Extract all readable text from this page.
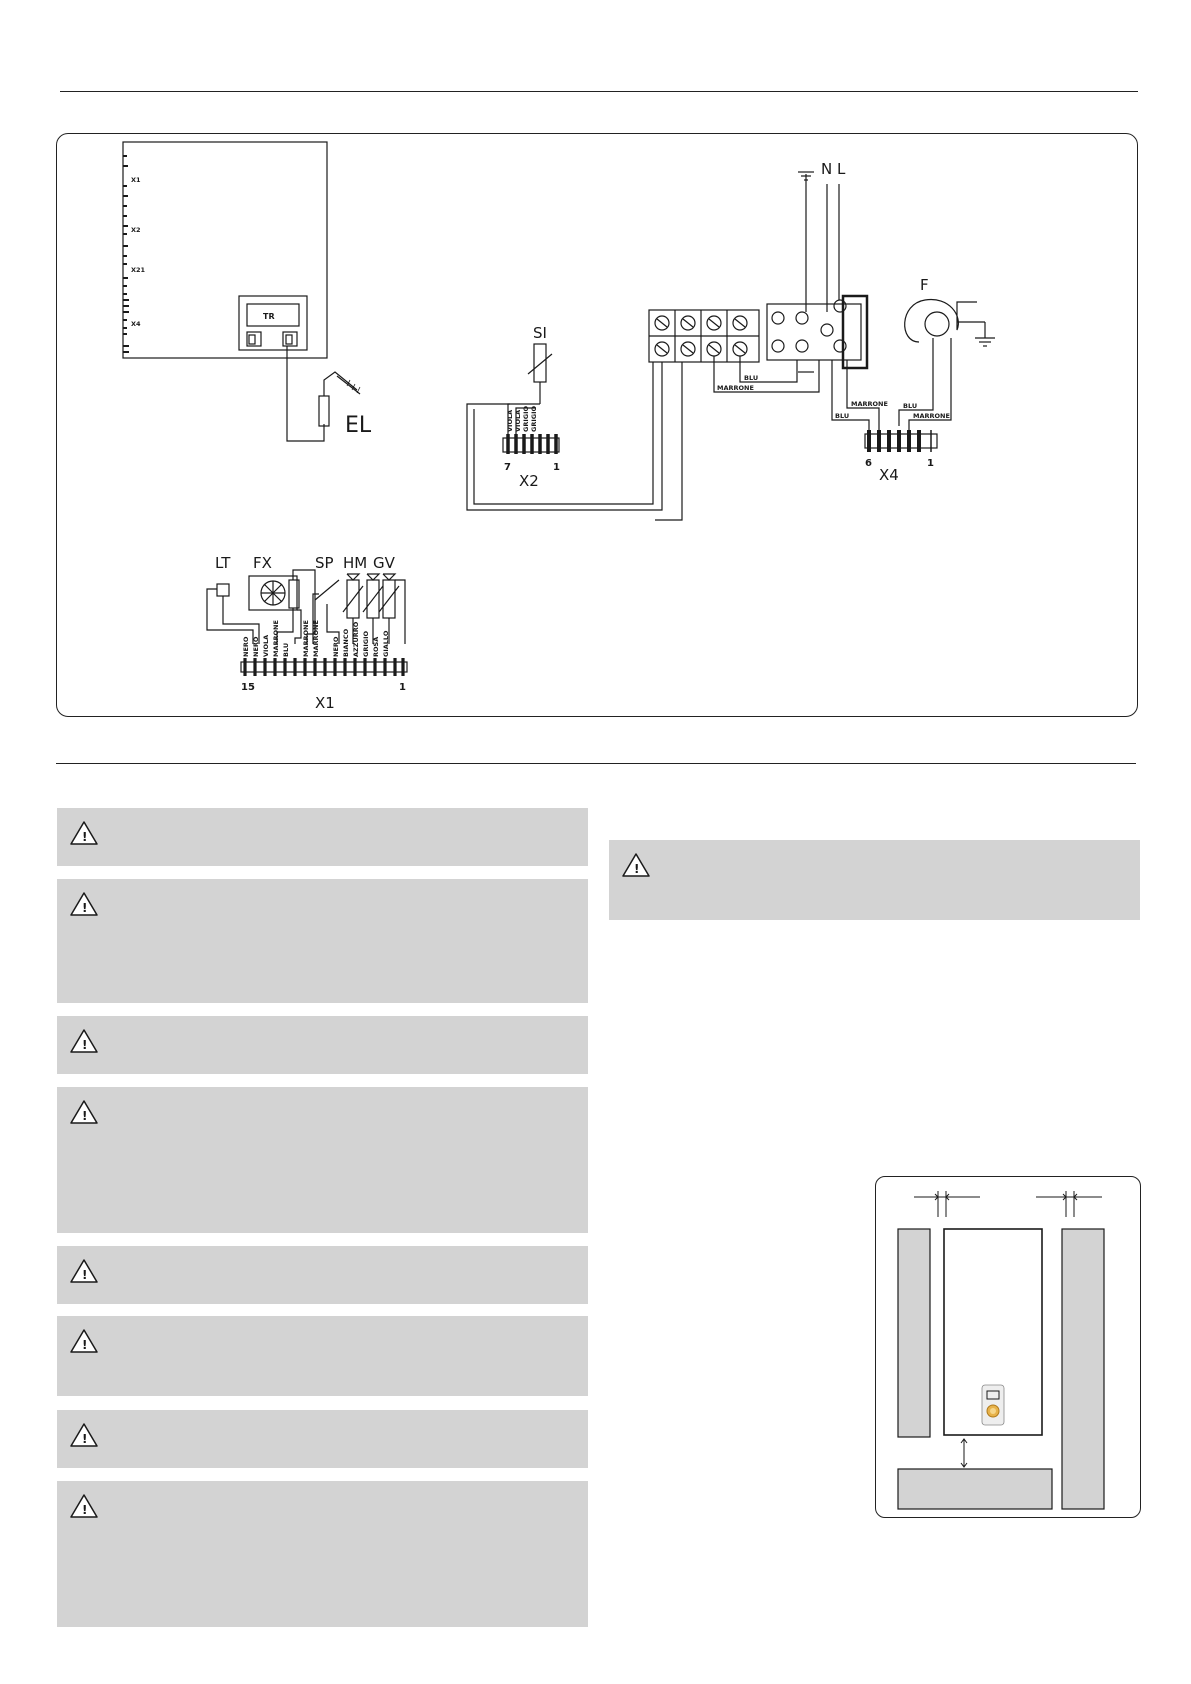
X1
X2
X21
X4
TR
EL
SI
X2
7	1
VIOLA VIOLA GRIGIO GRIGIO
N L
BLU
MARRONE
F
X4
6	1
MARRONE
BLU
BLU
MARRONE
LT FX	SP HM GV
X1
15	1
NERO NERO VIOLA MARRONE BLU MARRONE MARRONE NERO BIANCO AZZURRO GRIGIO ROSA GIALLO
!
!
!
!
!
!
!
!
!
